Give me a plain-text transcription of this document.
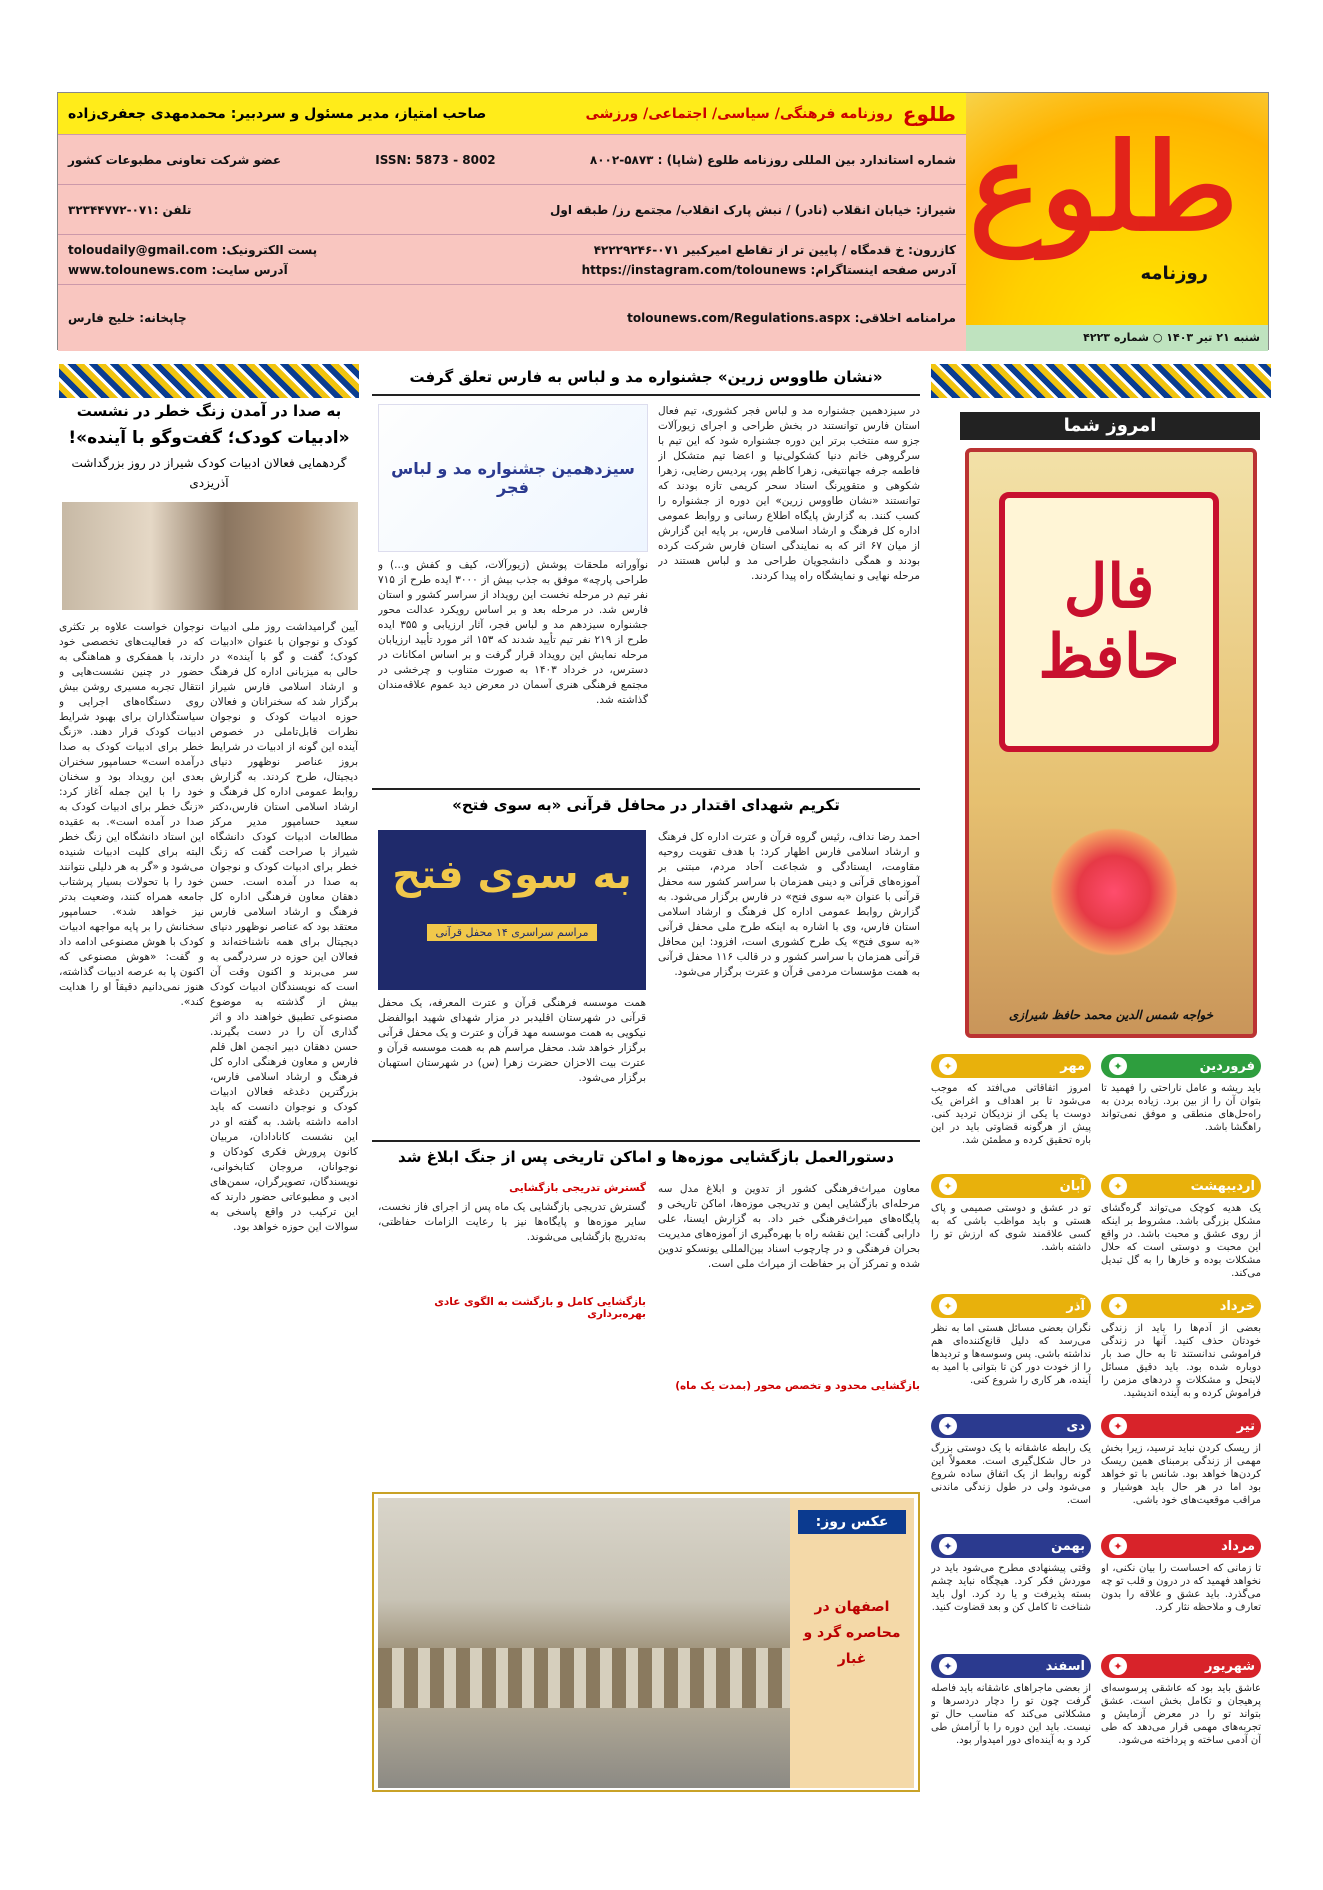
طلوع
روزنامه
شنبه ۲۱ تیر ۱۴۰۳ ○ شماره ۴۲۲۳
طلوع
روزنامه فرهنگی/ سیاسی/ اجتماعی/ ورزشی
صاحب امتیاز، مدیر مسئول و سردبیر: محمدمهدی جعفری‌زاده
شماره استاندارد بین المللی روزنامه طلوع (شاپا) : ۵۸۷۳-۸۰۰۲
ISSN: 5873 - 8002
عضو شرکت تعاونی مطبوعات کشور
شیراز: خیابان انقلاب (نادر) / نبش پارک انقلاب/ مجتمع رز/ طبقه اول
تلفن :۰۷۱-۳۲۳۴۴۷۷۲
کازرون: خ قدمگاه / پایین تر از تقاطع امیرکبیر ۰۷۱-۴۲۲۲۹۲۴۶
پست الکترونیک: toloudaily@gmail.com
آدرس صفحه اینستاگرام: https://instagram.com/tolounews
آدرس سایت: www.tolounews.com
مرامنامه اخلاقی: tolounews.com/Regulations.aspx
چاپخانه: خلیج فارس
امروز شما
فال حافظ
خواجه شمس الدین محمد حافظ شیرازی
✦	فروردین
باید ریشه و عامل ناراحتی را فهمید تا بتوان آن را از بین برد. زیاده بردن به راه‌حل‌های منطقی و موفق نمی‌تواند راهگشا باشد.
✦	مهر
امروز اتفاقاتی می‌افتد که موجب می‌شود تا بر اهداف و اغراض یک دوست یا یکی از نزدیکان تردید کنی. پیش از هرگونه قضاوتی باید در این باره تحقیق کرده و مطمئن شد.
✦	اردیبهشت
یک هدیه کوچک می‌تواند گره‌گشای مشکل بزرگی باشد. مشروط بر اینکه از روی عشق و محبت باشد. در واقع این محبت و دوستی است که حلال مشکلات بوده و خارها را به گل تبدیل می‌کند.
✦	آبان
تو در عشق و دوستی صمیمی و پاک هستی و باید مواظب باشی که به کسی علاقمند شوی که ارزش تو را داشته باشد.
✦	خرداد
بعضی از آدم‌ها را باید از زندگی خودتان حذف کنید. آنها در زندگی فراموشی ندانستند تا به حال صد بار دوباره شده بود. باید دقیق مسائل لاینحل و مشکلات و دردهای مزمن را فراموش کرده و به آینده اندیشید.
✦	آذر
نگران بعضی مسائل هستی اما به نظر می‌رسد که دلیل قانع‌کننده‌ای هم نداشته باشی. پس وسوسه‌ها و تردیدها را از خودت دور کن تا بتوانی با امید به آینده، هر کاری را شروع کنی.
✦	تیر
از ریسک کردن نباید ترسید، زیرا بخش مهمی از زندگی برمبنای همین ریسک کردن‌ها خواهد بود. شانس با تو خواهد بود اما در هر حال باید هوشیار و مراقب موقعیت‌های خود باشی.
✦	دی
یک رابطه عاشقانه با یک دوستی بزرگ در حال شکل‌گیری است. معمولاً این گونه روابط از یک اتفاق ساده شروع می‌شود ولی در طول زندگی ماندنی است.
✦	مرداد
تا زمانی که احساست را بیان نکنی، او نخواهد فهمید که در درون و قلب تو چه می‌گذرد. باید عشق و علاقه را بدون تعارف و ملاحظه نثار کرد.
✦	بهمن
وقتی پیشنهادی مطرح می‌شود باید در موردش فکر کرد. هیچگاه نباید چشم بسته پذیرفت و یا رد کرد. اول باید شناخت تا کامل کن و بعد قضاوت کنید.
✦	شهریور
عاشق باید بود که عاشقی پرسوسه‌ای پرهیجان و تکامل بخش است. عشق بتواند تو را در معرض آزمایش و تجربه‌های مهمی قرار می‌دهد که طی آن آدمی ساخته و پرداخته می‌شود.
✦	اسفند
از بعضی ماجراهای عاشقانه باید فاصله گرفت چون تو را دچار دردسرها و مشکلاتی می‌کند که مناسب حال تو نیست. باید این دوره را با آرامش طی کرد و به آینده‌ای دور امیدوار بود.
به صدا در آمدن زنگ خطر در نشست
«ادبیات کودک؛ گفت‌وگو با آینده»!
گردهمایی فعالان ادبیات کودک شیراز در روز بزرگداشت
آذریزدی
آیین گرامیداشت روز ملی ادبیات کودک و نوجوان با عنوان «ادبیات کودک؛ گفت و گو با آینده» در حالی به میزبانی اداره کل فرهنگ و ارشاد اسلامی فارس شیراز برگزار شد که سخنرانان و فعالان حوزه ادبیات کودک و نوجوان نظرات قابل‌تاملی در خصوص آینده این گونه از ادبیات در شرایط بروز عناصر نوظهور دنیای دیجیتال، طرح کردند. به گزارش روابط عمومی اداره کل فرهنگ و ارشاد اسلامی استان فارس،دکتر سعید حسامپور مدیر مرکز مطالعات ادبیات کودک دانشگاه شیراز با صراحت گفت که زنگ خطر برای ادبیات کودک و نوجوان به صدا در آمده است. حسن دهقان معاون فرهنگی اداره کل فرهنگ و ارشاد اسلامی فارس معتقد بود که عناصر نوظهور دنیای دیجیتال برای همه ناشناخته‌اند و فعالان این حوزه در سردرگمی به سر می‌برند و اکنون وقت آن است که نویسندگان ادبیات کودک بیش از گذشته به موضوع مصنوعی تطبیق خواهند داد و اثر گذاری آن را در دست بگیرند. حسن دهقان دبیر انجمن اهل قلم فارس و معاون فرهنگی اداره کل فرهنگ و ارشاد اسلامی فارس، بزرگترین دغدغه فعالان ادبیات کودک و نوجوان دانست که باید ادامه داشته باشد. به گفته او در این نشست کانادادان، مربیان کانون پرورش فکری کودکان و نوجوانان، مروجان کتابخوانی، نویسندگان، تصویرگران، سمن‌های ادبی و مطبوعاتی حضور دارند که این ترکیب در واقع پاسخی به سوالات این حوزه خواهد بود.
نوجوان خواست علاوه بر تکثری که در فعالیت‌های تخصصی خود دارند، با همفکری و هماهنگی به حضور در چنین نشست‌هایی و انتقال تجربه مسیری روشن بیش روی دستگاه‌های اجرایی و سیاستگذاران برای بهبود شرایط ادبیات کودک قرار دهند. «زنگ خطر برای ادبیات کودک به صدا درآمده است» حسامپور سخنران بعدی این رویداد بود و سخنان خود را با این جمله آغاز کرد: «زنگ خطر برای ادبیات کودک به صدا در آمده است». به عقیده این استاد دانشگاه این زنگ خطر البته برای کلیت ادبیات شنیده می‌شود و «گر به هر دلیلی نتوانند خود را با تحولات بسیار پرشتاب جامعه همراه کنند، وضعیت بدتر نیز خواهد شد». حسامپور سخنانش را بر پایه مواجهه ادبیات کودک با هوش مصنوعی ادامه داد و گفت: «هوش مصنوعی که اکنون پا به عرصه ادبیات گذاشته، هنوز نمی‌دانیم دقیقاً او را هدایت کند».
«نشان طاووس زرین» جشنواره مد و لباس به فارس تعلق گرفت
سیزدهمین جشنواره مد و لباس فجر
در سیزدهمین جشنواره مد و لباس فجر کشوری، تیم فعال استان فارس توانستند در بخش طراحی و اجرای زیورآلات جزو سه منتخب برتر این دوره جشنواره شود که این تیم با سرگروهی خانم دنیا کشکولی‌نیا و اعضا تیم متشکل از فاطمه جرفه جهانتیغی، زهرا کاظم پور، پردیس رضایی، زهرا شکوهی و متقوپرنگ استاد سحر کریمی تازه بودند که توانستند «نشان طاووس زرین» این دوره از جشنواره را کسب کنند. به گزارش پایگاه اطلاع رسانی و روابط عمومی اداره کل فرهنگ و ارشاد اسلامی فارس، بر پایه این گزارش از میان ۶۷ اثر که به نمایندگی استان فارس شرکت کرده بودند و همگی دانشجویان طراحی مد و لباس هستند در مرحله نهایی و نمایشگاه راه پیدا کردند.
نوآوراته ملحقات پوشش (زیورآلات، کیف و کفش و...) و طراحی پارچه» موفق به جذب بیش از ۳۰۰۰ ایده طرح از ۷۱۵ نفر تیم در مرحله نخست این رویداد از سراسر کشور و استان فارس شد. در مرحله بعد و بر اساس رویکرد عدالت محور جشنواره سیزدهم مد و لباس فجر، آثار ارزیابی و ۳۵۵ ایده طرح از ۲۱۹ نفر تیم تأیید شدند که ۱۵۳ اثر مورد تأیید ارزیابان مرحله نمایش این رویداد قرار گرفت و بر اساس امکانات در دسترس، در خرداد ۱۴۰۳ به صورت متناوب و چرخشی در مجتمع فرهنگی هنری آسمان در معرض دید عموم علاقه‌مندان گذاشته شد.
تکریم شهدای اقتدار در محافل قرآنی «به سوی فتح»
به سوی فتح
مراسم سراسری ۱۴ محفل قرآنی
احمد رضا نداف، رئیس گروه قرآن و عترت اداره کل فرهنگ و ارشاد اسلامی فارس اظهار کرد: با هدف تقویت روحیه مقاومت، ایستادگی و شجاعت آحاد مردم، مبتنی بر آموزه‌های قرآنی و دینی همزمان با سراسر کشور سه محفل قرآنی با عنوان «به سوی فتح» در فارس برگزار می‌شود. به گزارش روابط عمومی اداره کل فرهنگ و ارشاد اسلامی استان فارس، وی با اشاره به اینکه طرح ملی محفل قرآنی «به سوی فتح» یک طرح کشوری است، افزود: این محافل قرآنی همزمان با سراسر کشور و در قالب ۱۱۶ محفل قرآنی به همت مؤسسات مردمی قرآن و عترت برگزار می‌شود.
همت موسسه فرهنگی قرآن و عترت المعرفه، یک محفل قرآنی در شهرستان اقلیدبر در مزار شهدای شهید ابوالفضل نیکویی به همت موسسه مهد قرآن و عترت و یک محفل قرآنی برگزار خواهد شد. محفل مراسم هم به همت موسسه قرآن و عترت بیت الاحزان حضرت زهرا (س) در شهرستان استهبان برگزار می‌شود.
دستورالعمل بازگشایی موزه‌ها و اماکن تاریخی پس از جنگ ابلاغ شد
معاون میراث‌فرهنگی کشور از تدوین و ابلاغ مدل سه مرحله‌ای بازگشایی ایمن و تدریجی موزه‌ها، اماکن تاریخی و پایگاه‌های میراث‌فرهنگی خبر داد. به گزارش ایسنا، علی دارابی گفت: این نقشه راه با بهره‌گیری از آموزه‌های مدیریت بحران فرهنگی و در چارچوب اسناد بین‌المللی یونسکو تدوین شده و تمرکز آن بر حفاظت از میراث ملی است.
بازگشایی محدود و تخصص محور (بمدت یک ماه)
گسترش تدریجی بازگشایی
گسترش تدریجی بازگشایی یک ماه پس از اجرای فاز نخست، سایر موزه‌ها و پایگاه‌ها نیز با رعایت الزامات حفاظتی، به‌تدریج بازگشایی می‌شوند.
بازگشایی کامل و بازگشت به الگوی عادی بهره‌برداری
عکس روز:
اصفهان در محاصره گرد و غبار
